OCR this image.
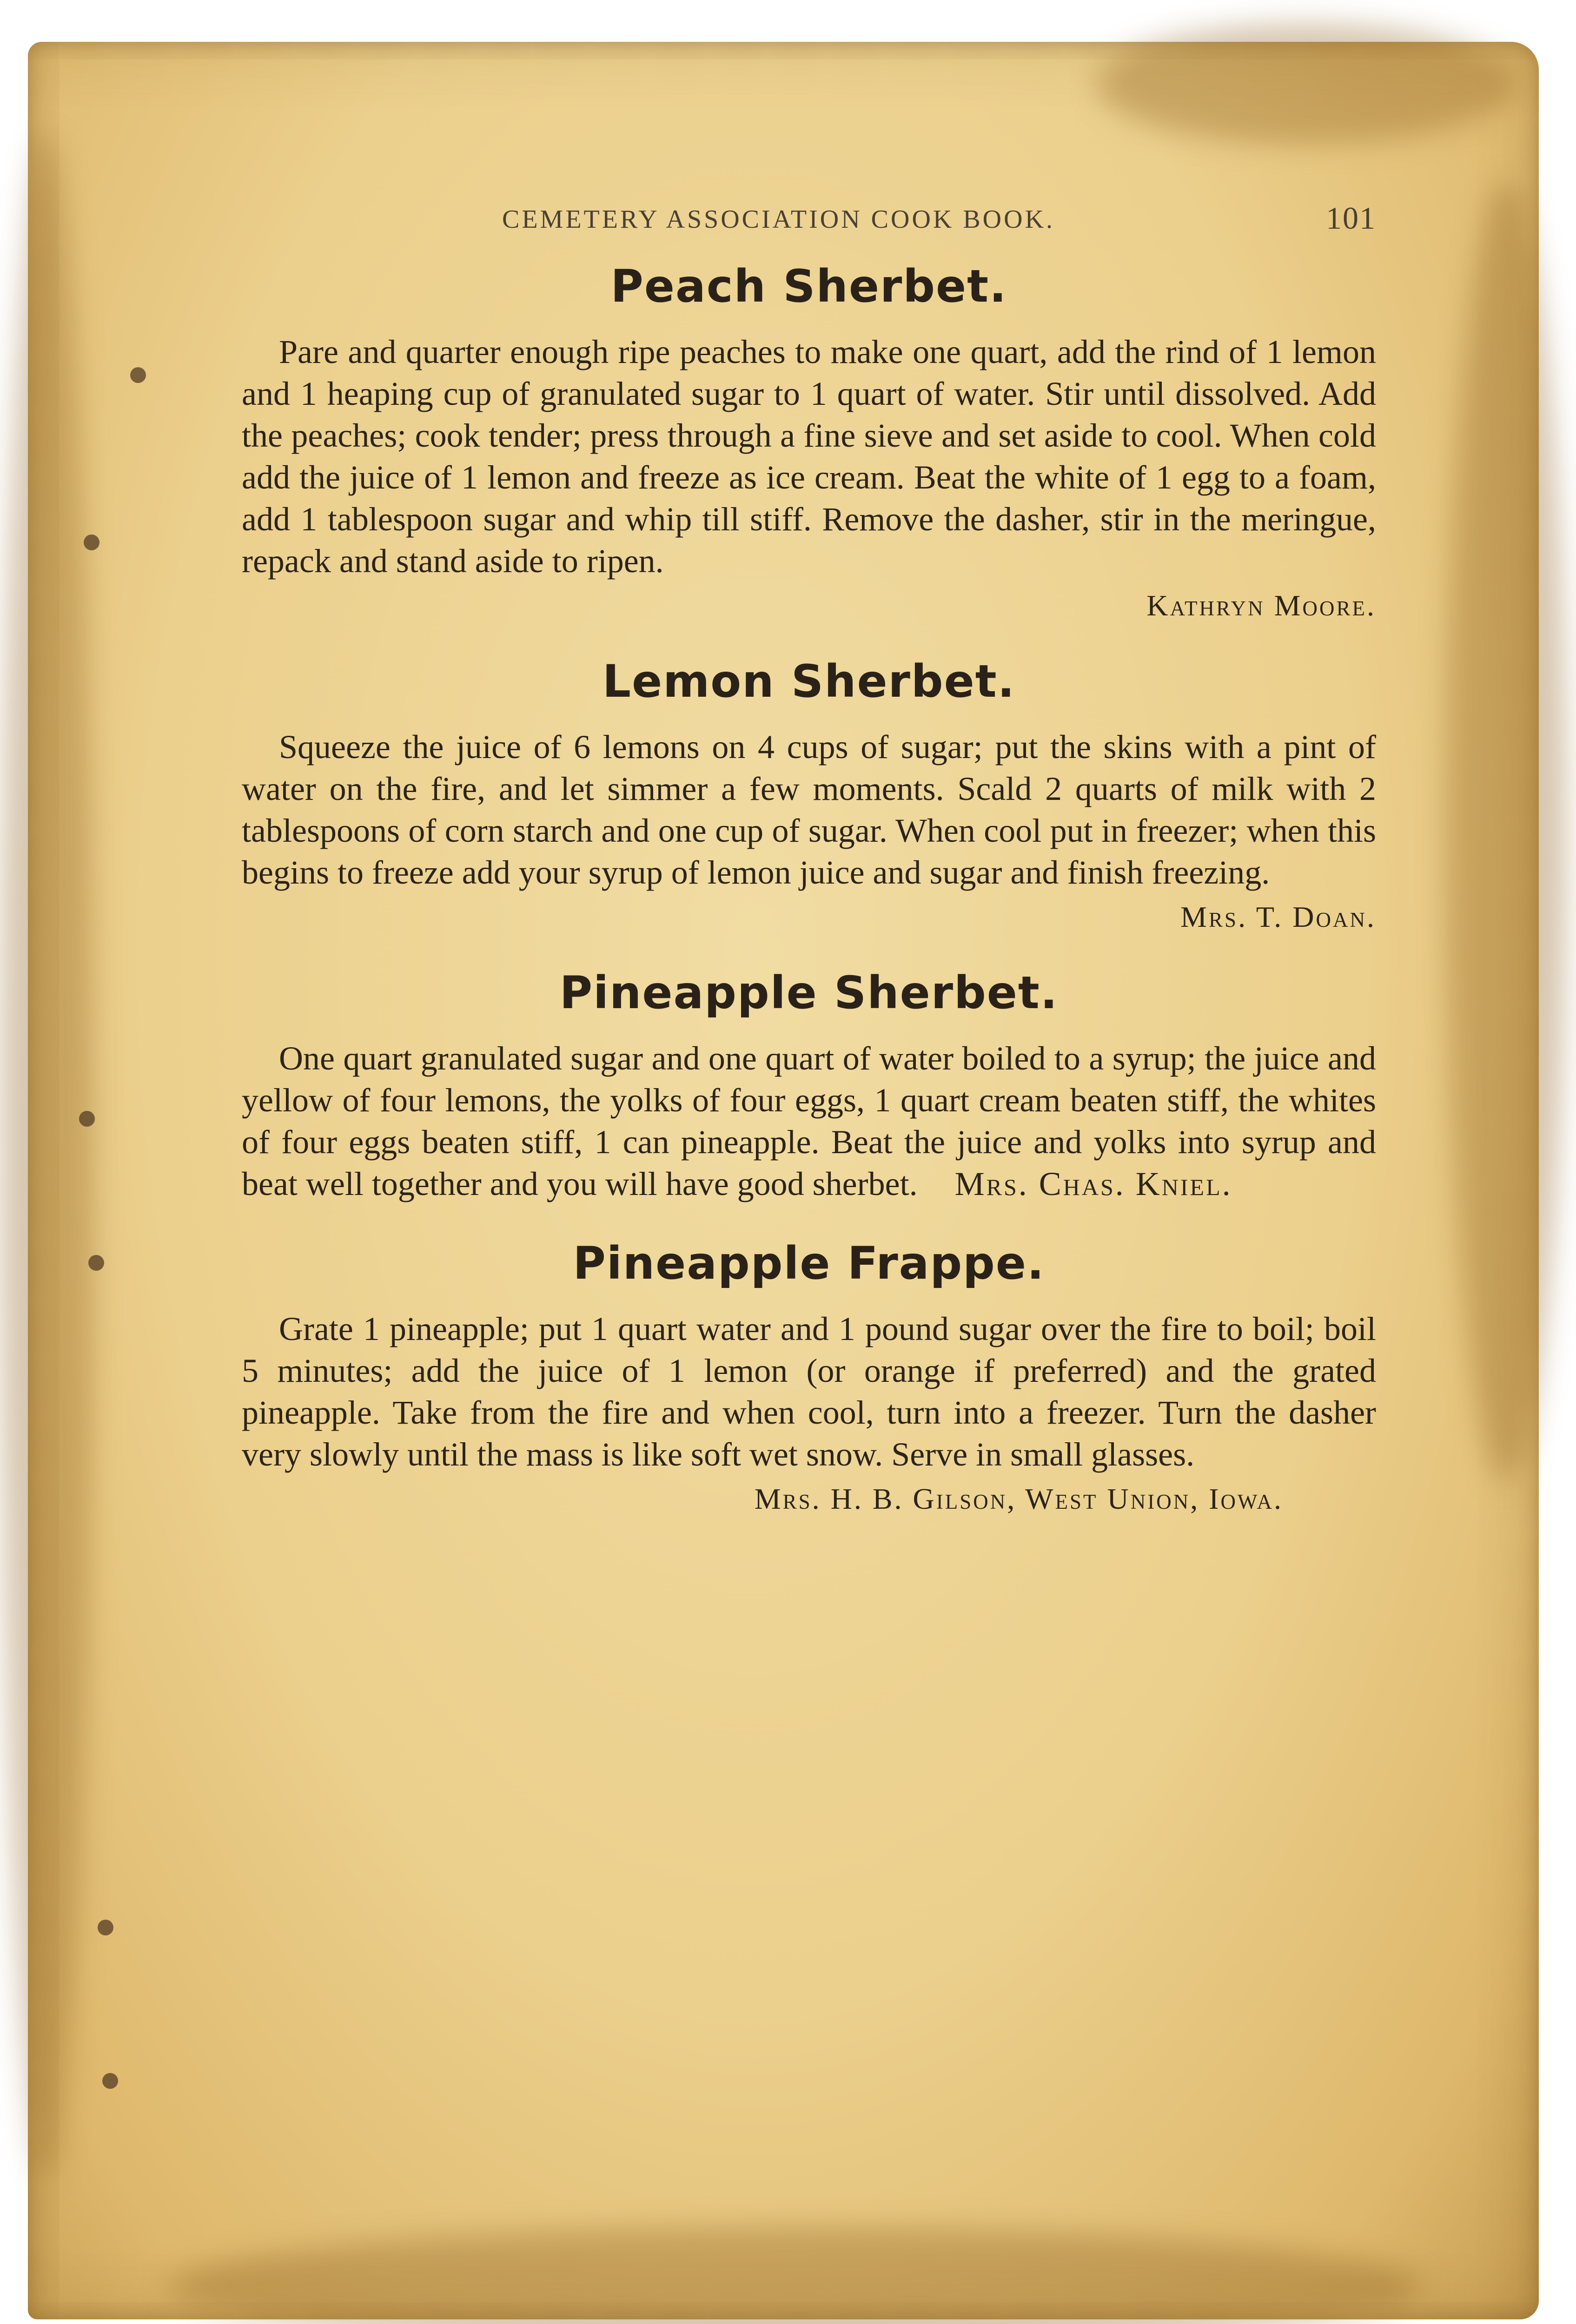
CEMETERY ASSOCIATION COOK BOOK.	101
Peach Sherbet.

Pare and quarter enough ripe peaches to make one quart, add the rind of 1 lemon and 1 heaping cup of granulated sugar to 1 quart of water. Stir until dissolved. Add the peaches; cook tender; press through a fine sieve and set aside to cool. When cold add the juice of 1 lemon and freeze as ice cream. Beat the white of 1 egg to a foam, add 1 tablespoon sugar and whip till stiff. Remove the dasher, stir in the meringue, repack and stand aside to ripen.

Kathryn Moore.

Lemon Sherbet.

Squeeze the juice of 6 lemons on 4 cups of sugar; put the skins with a pint of water on the fire, and let simmer a few moments. Scald 2 quarts of milk with 2 tablespoons of corn starch and one cup of sugar. When cool put in freezer; when this begins to freeze add your syrup of lemon juice and sugar and finish freezing.

Mrs. T. Doan.

Pineapple Sherbet.

One quart granulated sugar and one quart of water boiled to a syrup; the juice and yellow of four lemons, the yolks of four eggs, 1 quart cream beaten stiff, the whites of four eggs beaten stiff, 1 can pineapple. Beat the juice and yolks into syrup and beat well together and you will have good sherbet. Mrs. Chas. Kniel.

Pineapple Frappe.

Grate 1 pineapple; put 1 quart water and 1 pound sugar over the fire to boil; boil 5 minutes; add the juice of 1 lemon (or orange if preferred) and the grated pineapple. Take from the fire and when cool, turn into a freezer. Turn the dasher very slowly until the mass is like soft wet snow. Serve in small glasses.

Mrs. H. B. Gilson, West Union, Iowa.
